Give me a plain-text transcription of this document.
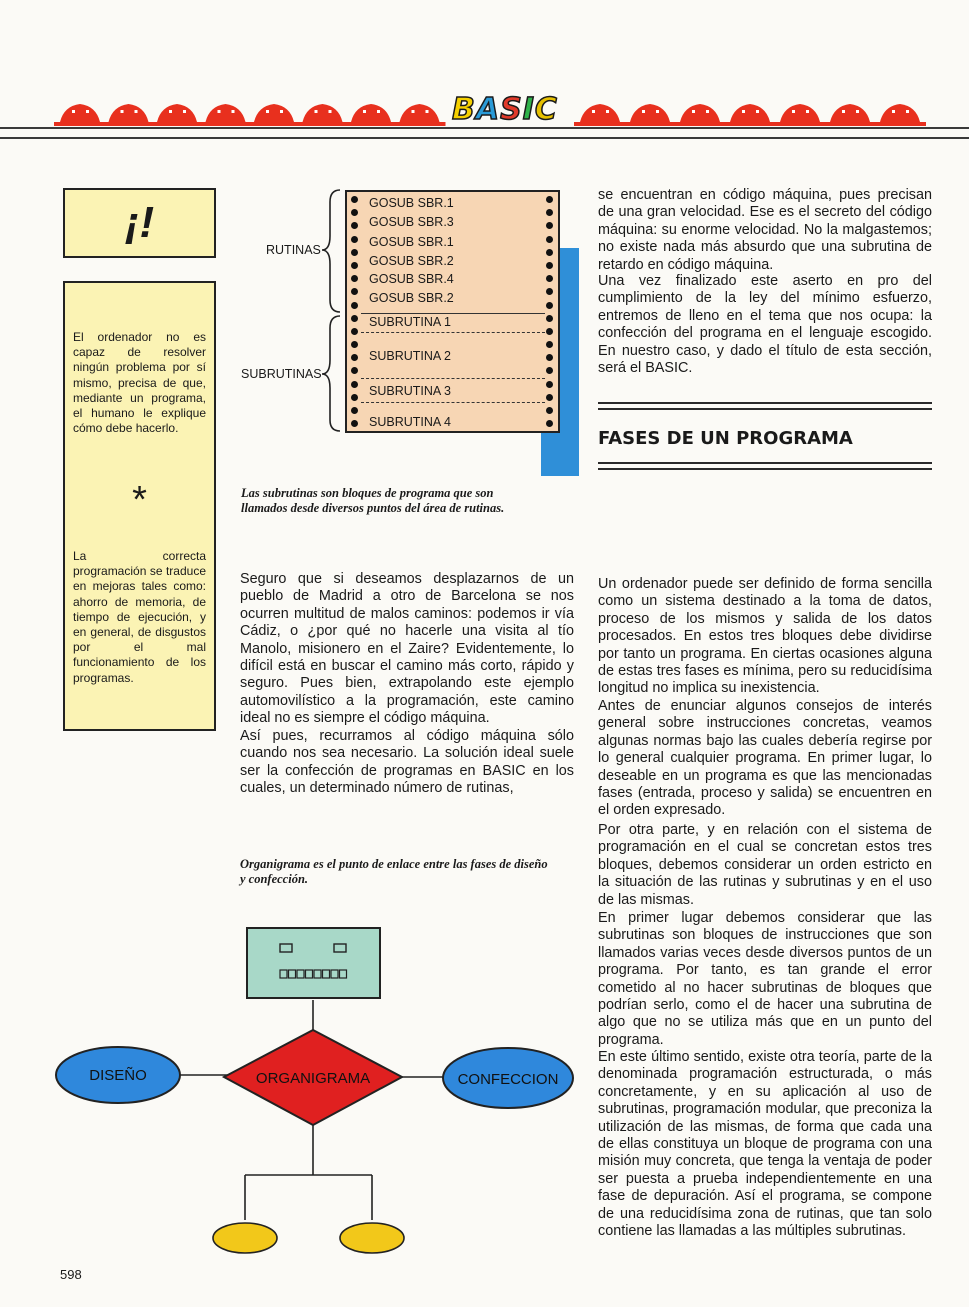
BASIC
¡!
El ordenador no es capaz de resolver ningún problema por sí mismo, precisa de que, mediante un programa, el humano le explique cómo debe hacerlo.
*
La correcta programación se traduce en mejoras tales como: ahorro de memoria, de tiempo de ejecución, y en general, de disgustos por el mal funcionamiento de los programas.
GOSUB SBR.1
GOSUB SBR.3
GOSUB SBR.1
GOSUB SBR.2
GOSUB SBR.4
GOSUB SBR.2
SUBRUTINA 1
SUBRUTINA 2
SUBRUTINA 3
SUBRUTINA 4
RUTINAS
SUBRUTINAS
Las subrutinas son bloques de programa que son llamados desde diversos puntos del área de rutinas.
Seguro que si deseamos desplazarnos de un pueblo de Madrid a otro de Barcelona se nos ocurren multitud de malos caminos: podemos ir vía Cádiz, o ¿por qué no hacerle una visita al tío Manolo, misionero en el Zaire? Evidentemente, lo difícil está en buscar el camino más corto, rápido y seguro. Pues bien, extrapolando este ejemplo automovilístico a la programación, este camino ideal no es siempre el código máquina.
Así pues, recurramos al código máquina sólo cuando nos sea necesario. La solución ideal suele ser la confección de programas en BASIC en los cuales, un determinado número de rutinas,
Organigrama es el punto de enlace entre las fases de diseño y confección.
DISEÑO	ORGANIGRAMA	CONFECCION
se encuentran en código máquina, pues precisan de una gran velocidad. Ese es el secreto del código máquina: su enorme velocidad. No la malgastemos; no existe nada más absurdo que una subrutina de retardo en código máquina.
Una vez finalizado este aserto en pro del cumplimiento de la ley del mínimo esfuerzo, entremos de lleno en el tema que nos ocupa: la confección del programa en el lenguaje escogido. En nuestro caso, y dado el título de esta sección, será el BASIC.
FASES DE UN PROGRAMA
Un ordenador puede ser definido de forma sencilla como un sistema destinado a la toma de datos, proceso de los mismos y salida de los datos procesados. En estos tres bloques debe dividirse por tanto un programa. En ciertas ocasiones alguna de estas tres fases es mínima, pero su reducidísima longitud no implica su inexistencia.
Antes de enunciar algunos consejos de interés general sobre instrucciones concretas, veamos algunas normas bajo las cuales debería regirse por lo general cualquier programa. En primer lugar, lo deseable en un programa es que las mencionadas fases (entrada, proceso y salida) se encuentren en el orden expresado.
Por otra parte, y en relación con el sistema de programación en el cual se concretan estos tres bloques, debemos considerar un orden estricto en la situación de las rutinas y subrutinas y en el uso de las mismas.
En primer lugar debemos considerar que las subrutinas son bloques de instrucciones que son llamados varias veces desde diversos puntos de un programa. Por tanto, es tan grande el error cometido al no hacer subrutinas de bloques que podrían serlo, como el de hacer una subrutina de algo que no se utiliza más que en un punto del programa.
En este último sentido, existe otra teoría, parte de la denominada programación estructurada, o más concretamente, y en su aplicación al uso de subrutinas, programación modular, que preconiza la utilización de las mismas, de forma que cada una de ellas constituya un bloque de programa con una misión muy concreta, que tenga la ventaja de poder ser puesta a prueba independientemente en una fase de depuración. Así el programa, se compone de una reducidísima zona de rutinas, que tan solo contiene las llamadas a las múltiples subrutinas.
598
